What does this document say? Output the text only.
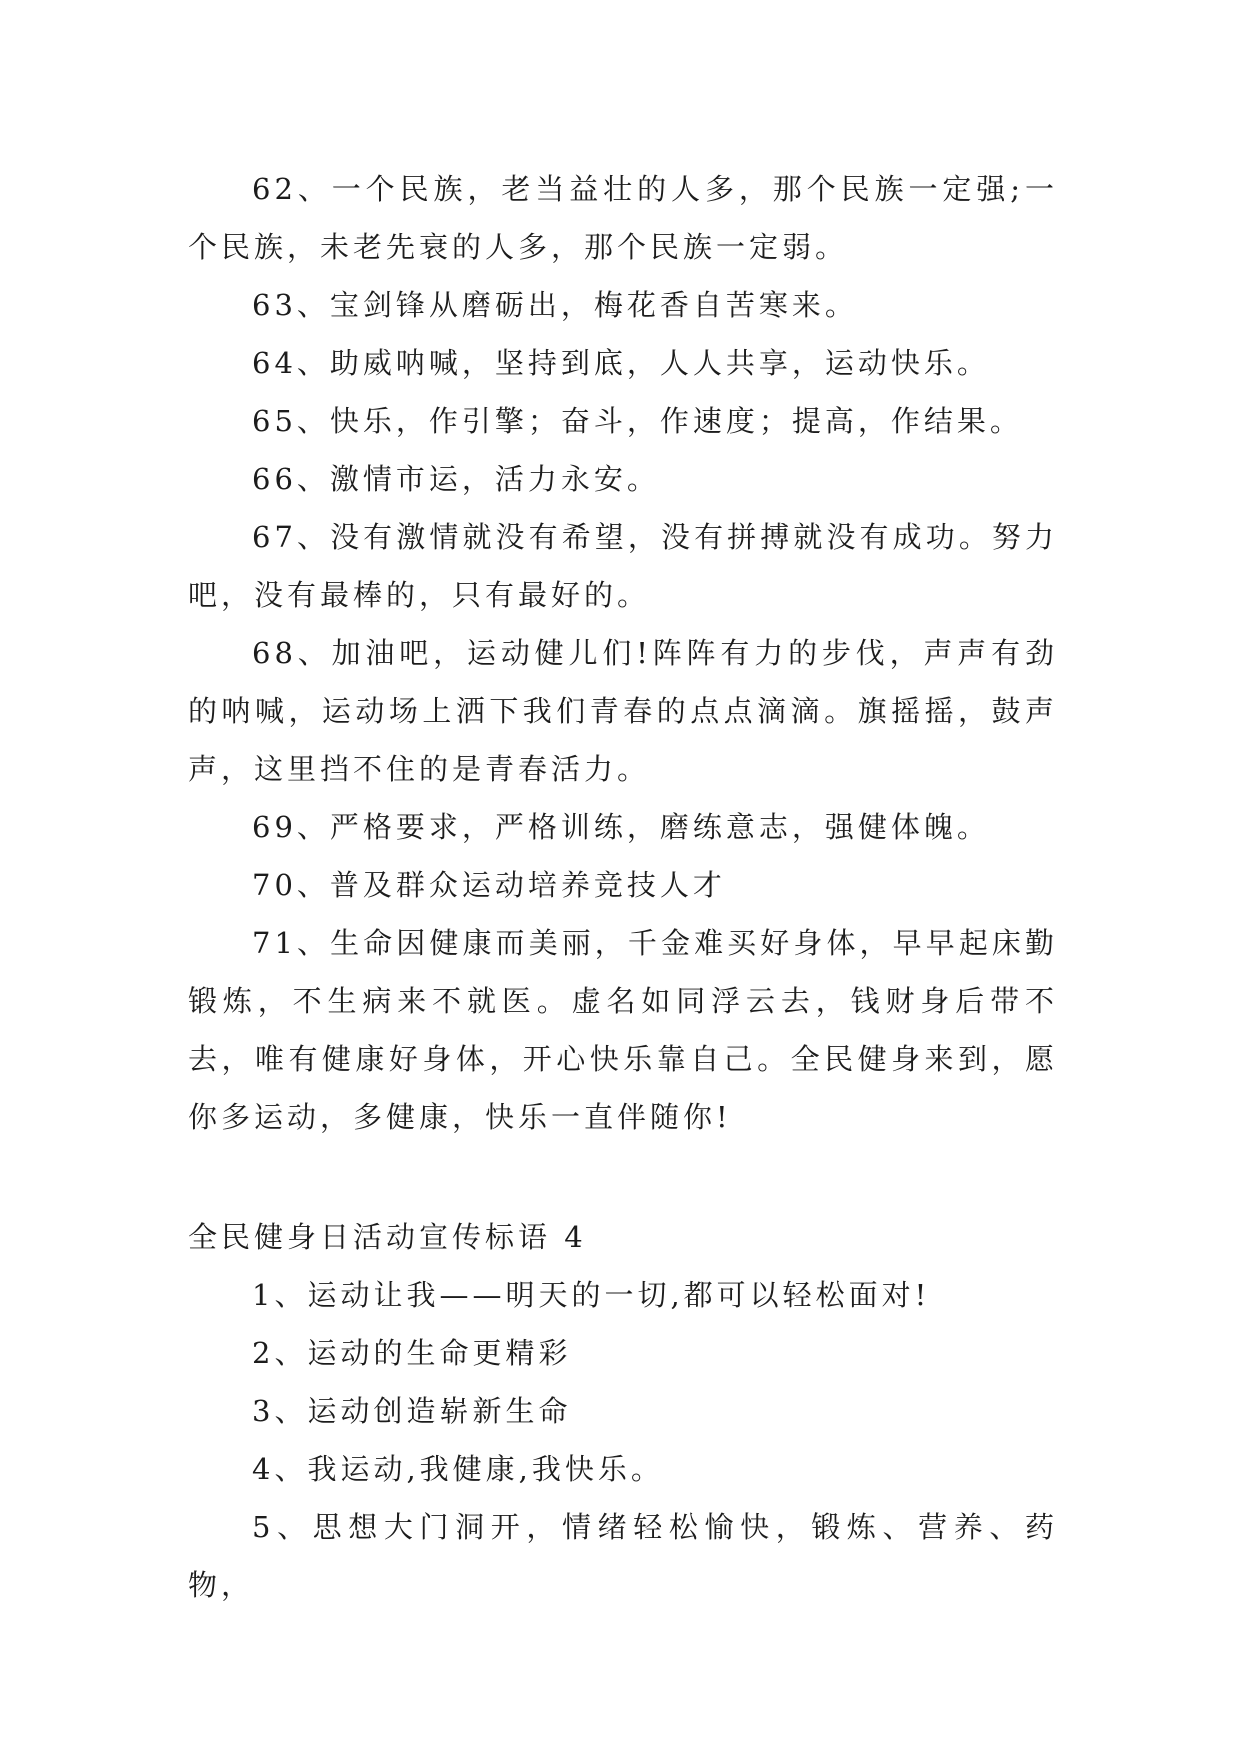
62、一个民族，老当益壮的人多，那个民族一定强;一个民族，未老先衰的人多，那个民族一定弱。

63、宝剑锋从磨砺出，梅花香自苦寒来。

64、助威呐喊，坚持到底，人人共享，运动快乐。

65、快乐，作引擎；奋斗，作速度；提高，作结果。

66、激情市运，活力永安。

67、没有激情就没有希望，没有拼搏就没有成功。努力吧，没有最棒的，只有最好的。

68、加油吧，运动健儿们!阵阵有力的步伐，声声有劲的呐喊，运动场上洒下我们青春的点点滴滴。旗摇摇，鼓声声，这里挡不住的是青春活力。

69、严格要求，严格训练，磨练意志，强健体魄。

70、普及群众运动培养竞技人才

71、生命因健康而美丽，千金难买好身体，早早起床勤锻炼，不生病来不就医。虚名如同浮云去，钱财身后带不去，唯有健康好身体，开心快乐靠自己。全民健身来到，愿你多运动，多健康，快乐一直伴随你!

全民健身日活动宣传标语 4

1、运动让我——明天的一切,都可以轻松面对!

2、运动的生命更精彩

3、运动创造崭新生命

4、我运动,我健康,我快乐。

5、思想大门洞开，情绪轻松愉快，锻炼、营养、药物，
